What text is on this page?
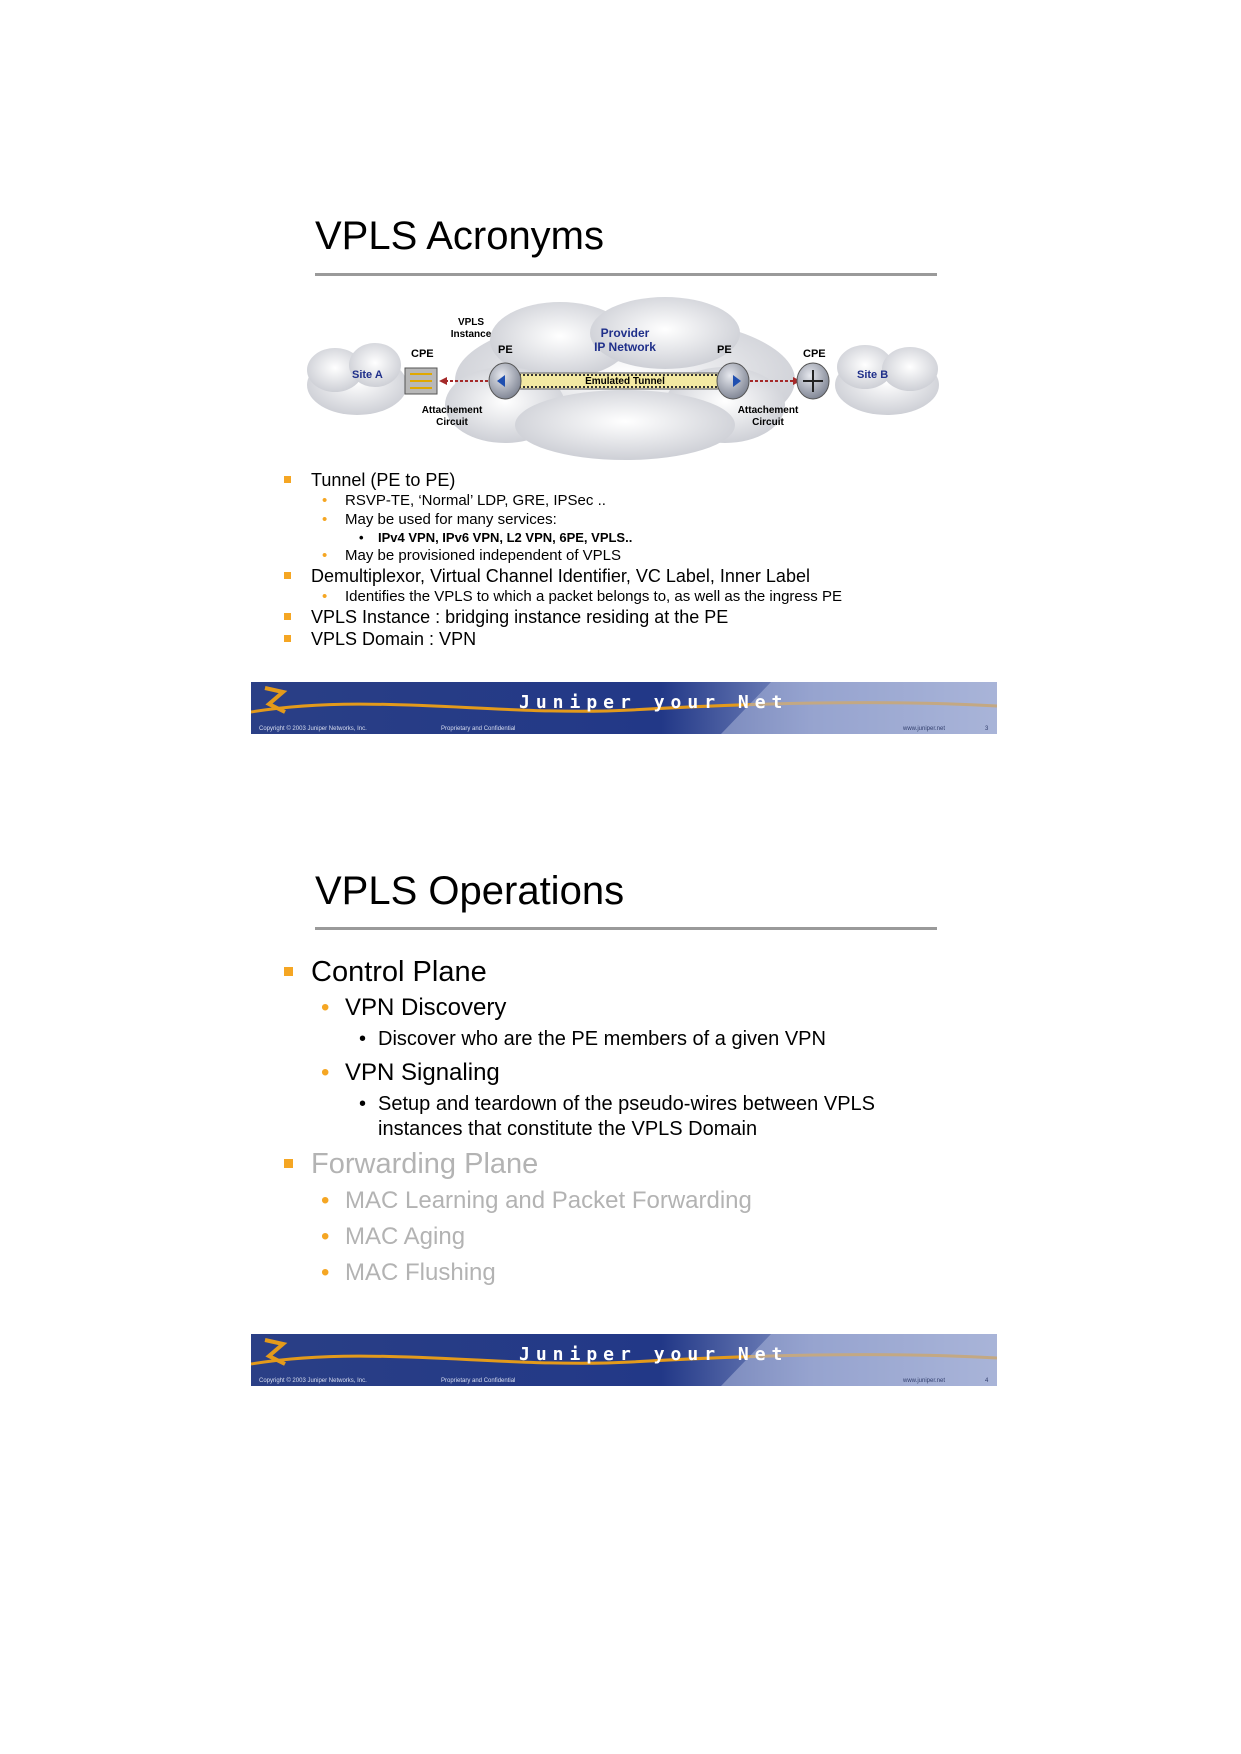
VPLS Acronyms
VPLS
Instance	Provider
IP Network
CPE	PE	PE	CPE
Site A	Site B
Emulated Tunnel
Attachement
Circuit
Attachement
Circuit
Tunnel (PE to PE)
• RSVP-TE, ‘Normal’ LDP, GRE, IPSec ..
• May be used for many services:
• IPv4 VPN, IPv6 VPN, L2 VPN, 6PE, VPLS..
• May be provisioned independent of VPLS
Demultiplexor, Virtual Channel Identifier, VC Label, Inner Label
• Identifies the VPLS to which a packet belongs to, as well as the ingress PE
VPLS Instance : bridging instance residing at the PE
VPLS Domain : VPN
Juniper your Net
Copyright © 2003 Juniper Networks, Inc.	Proprietary and Confidential	www.juniper.net	3
VPLS Operations
Control Plane
• VPN Discovery
• Discover who are the PE members of a given VPN
• VPN Signaling
• Setup and teardown of the pseudo-wires between VPLS instances that constitute the VPLS Domain
Forwarding Plane
• MAC Learning and Packet Forwarding
• MAC Aging
• MAC Flushing
Juniper your Net
Copyright © 2003 Juniper Networks, Inc.	Proprietary and Confidential	www.juniper.net	4
